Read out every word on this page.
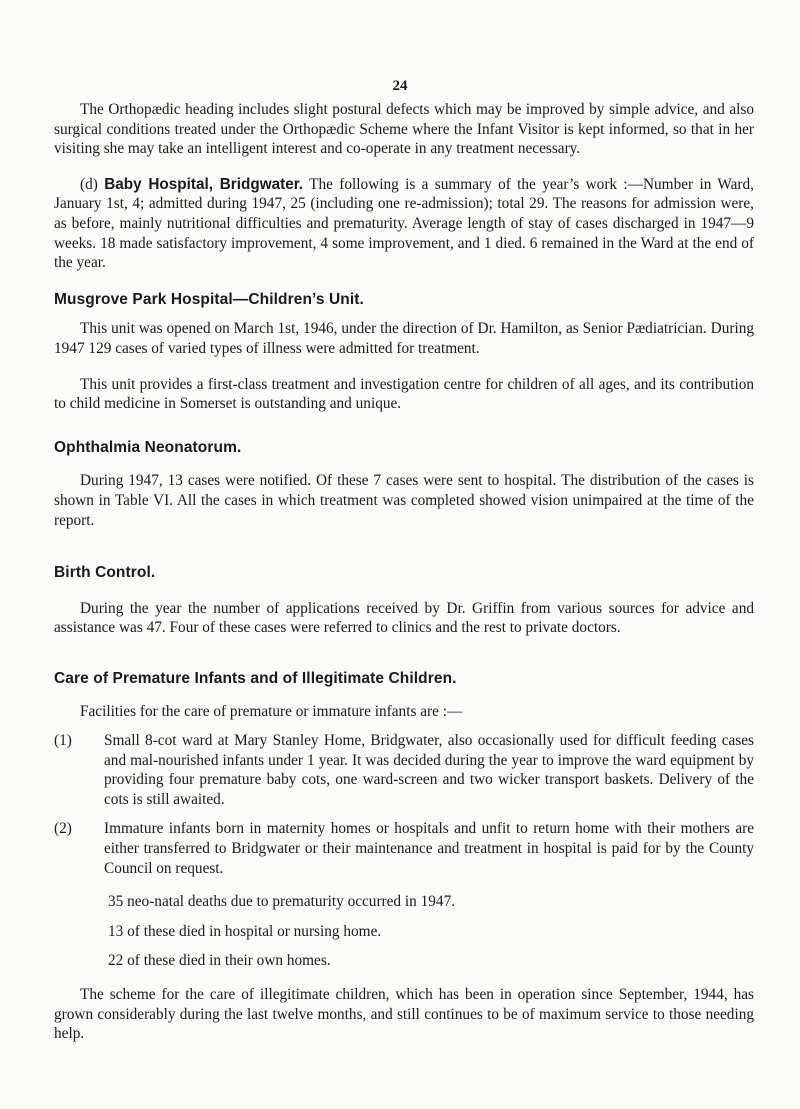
24

The Orthopædic heading includes slight postural defects which may be improved by simple advice, and also surgical conditions treated under the Orthopædic Scheme where the Infant Visitor is kept informed, so that in her visiting she may take an intelligent interest and co-operate in any treatment necessary.

(d) Baby Hospital, Bridgwater. The following is a summary of the year’s work :—Number in Ward, January 1st, 4; admitted during 1947, 25 (including one re-admission); total 29. The reasons for admission were, as before, mainly nutritional difficulties and prematurity. Average length of stay of cases discharged in 1947—9 weeks. 18 made satisfactory improvement, 4 some improvement, and 1 died. 6 remained in the Ward at the end of the year.

Musgrove Park Hospital—Children’s Unit.

This unit was opened on March 1st, 1946, under the direction of Dr. Hamilton, as Senior Pædiatrician. During 1947 129 cases of varied types of illness were admitted for treatment.

This unit provides a first-class treatment and investigation centre for children of all ages, and its contribution to child medicine in Somerset is outstanding and unique.

Ophthalmia Neonatorum.

During 1947, 13 cases were notified. Of these 7 cases were sent to hospital. The distribution of the cases is shown in Table VI. All the cases in which treatment was completed showed vision unimpaired at the time of the report.

Birth Control.

During the year the number of applications received by Dr. Griffin from various sources for advice and assistance was 47. Four of these cases were referred to clinics and the rest to private doctors.

Care of Premature Infants and of Illegitimate Children.

Facilities for the care of premature or immature infants are :—

(1)	Small 8-cot ward at Mary Stanley Home, Bridgwater, also occasionally used for difficult feeding cases and mal-nourished infants under 1 year. It was decided during the year to improve the ward equipment by providing four premature baby cots, one ward-screen and two wicker transport baskets. Delivery of the cots is still awaited.
(2)	Immature infants born in maternity homes or hospitals and unfit to return home with their mothers are either transferred to Bridgwater or their maintenance and treatment in hospital is paid for by the County Council on request.

35 neo-natal deaths due to prematurity occurred in 1947.

13 of these died in hospital or nursing home.

22 of these died in their own homes.

The scheme for the care of illegitimate children, which has been in operation since September, 1944, has grown considerably during the last twelve months, and still continues to be of maximum service to those needing help.
